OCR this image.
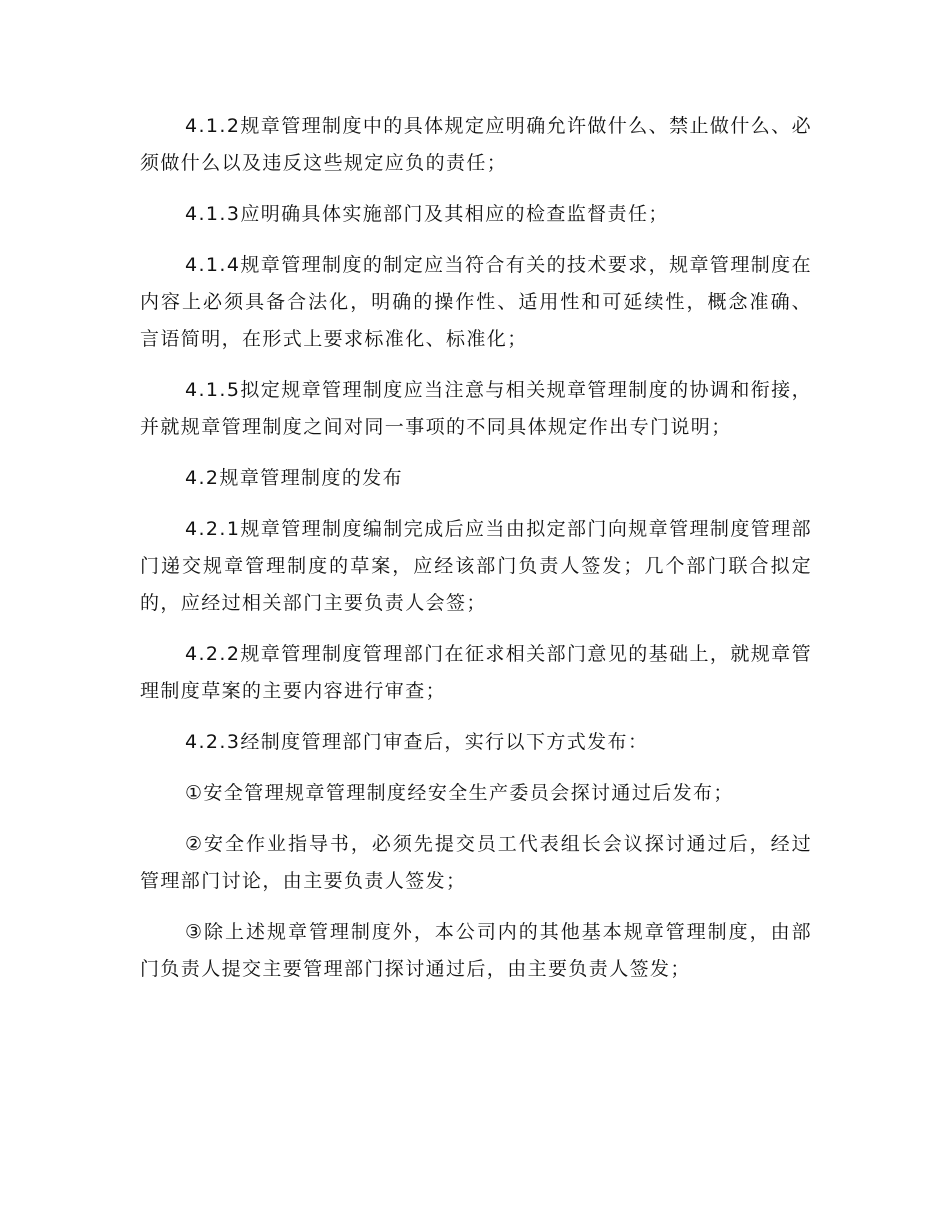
4.1.2规章管理制度中的具体规定应明确允许做什么、禁止做什么、必须做什么以及违反这些规定应负的责任；

4.1.3应明确具体实施部门及其相应的检查监督责任；

4.1.4规章管理制度的制定应当符合有关的技术要求，规章管理制度在内容上必须具备合法化，明确的操作性、适用性和可延续性，概念准确、言语简明，在形式上要求标准化、标准化；

4.1.5拟定规章管理制度应当注意与相关规章管理制度的协调和衔接，并就规章管理制度之间对同一事项的不同具体规定作出专门说明；

4.2规章管理制度的发布

4.2.1规章管理制度编制完成后应当由拟定部门向规章管理制度管理部门递交规章管理制度的草案，应经该部门负责人签发；几个部门联合拟定的，应经过相关部门主要负责人会签；

4.2.2规章管理制度管理部门在征求相关部门意见的基础上，就规章管理制度草案的主要内容进行审查；

4.2.3经制度管理部门审查后，实行以下方式发布：

①安全管理规章管理制度经安全生产委员会探讨通过后发布；

②安全作业指导书，必须先提交员工代表组长会议探讨通过后，经过管理部门讨论，由主要负责人签发；

③除上述规章管理制度外，本公司内的其他基本规章管理制度，由部门负责人提交主要管理部门探讨通过后，由主要负责人签发；
